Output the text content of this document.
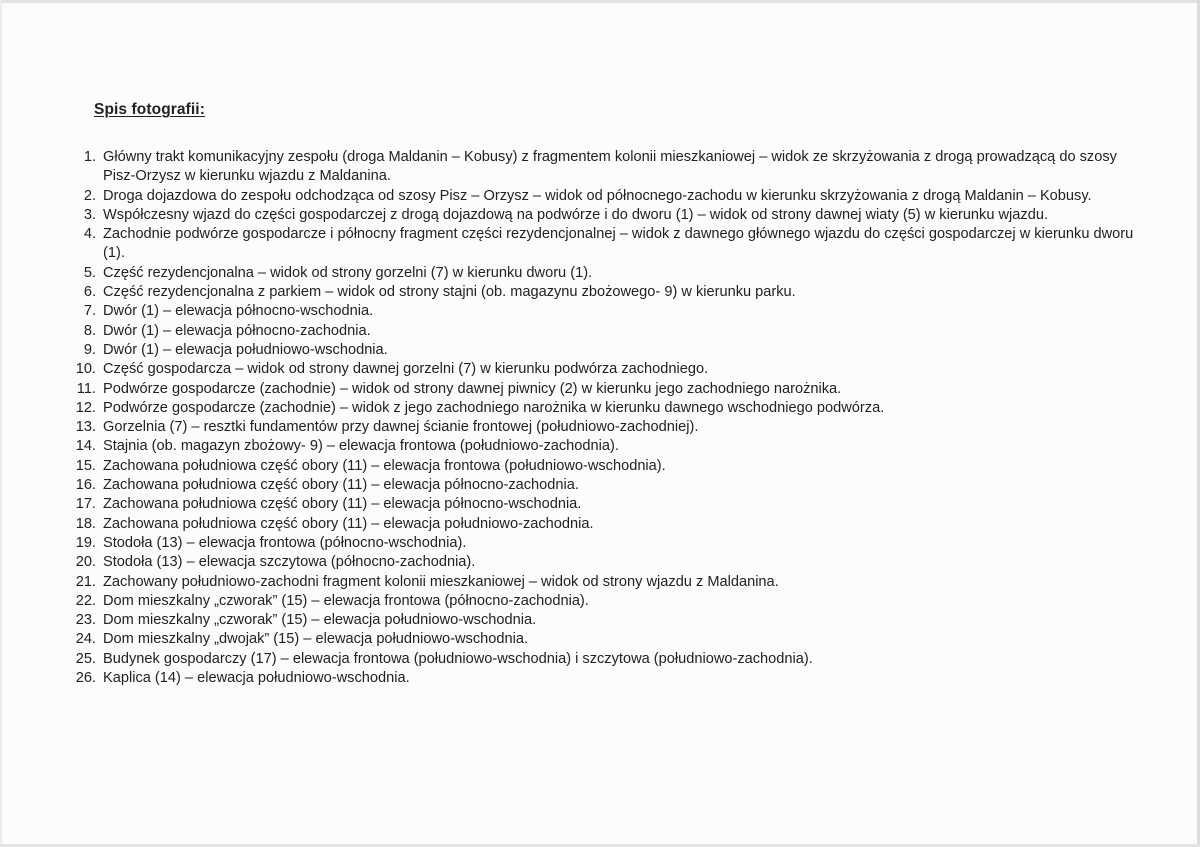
Spis fotografii:
1. Główny trakt komunikacyjny zespołu (droga Maldanin – Kobusy) z fragmentem kolonii mieszkaniowej – widok ze skrzyżowania z drogą prowadzącą do szosy Pisz-Orzysz w kierunku wjazdu z Maldanina.
2. Droga dojazdowa do zespołu odchodząca od szosy Pisz – Orzysz – widok od północnego-zachodu w kierunku skrzyżowania z drogą Maldanin – Kobusy.
3. Współczesny wjazd do części gospodarczej z drogą dojazdową na podwórze i do dworu (1) – widok od strony dawnej wiaty (5) w kierunku wjazdu.
4. Zachodnie podwórze gospodarcze i północny fragment części rezydencjonalnej – widok z dawnego głównego wjazdu do części gospodarczej w kierunku dworu (1).
5. Część rezydencjonalna – widok od strony gorzelni (7) w kierunku dworu (1).
6. Część rezydencjonalna z parkiem – widok od strony stajni (ob. magazynu zbożowego- 9) w kierunku parku.
7. Dwór (1) – elewacja północno-wschodnia.
8. Dwór (1) – elewacja północno-zachodnia.
9. Dwór (1) – elewacja południowo-wschodnia.
10. Część gospodarcza – widok od strony dawnej gorzelni (7) w kierunku podwórza zachodniego.
11. Podwórze gospodarcze (zachodnie) – widok od strony dawnej piwnicy (2) w kierunku jego zachodniego narożnika.
12. Podwórze gospodarcze (zachodnie) – widok z jego zachodniego narożnika w kierunku dawnego wschodniego podwórza.
13. Gorzelnia (7) – resztki fundamentów przy dawnej ścianie frontowej (południowo-zachodniej).
14. Stajnia (ob. magazyn zbożowy- 9) – elewacja frontowa (południowo-zachodnia).
15. Zachowana południowa część obory (11) – elewacja frontowa (południowo-wschodnia).
16. Zachowana południowa część obory (11) – elewacja północno-zachodnia.
17. Zachowana południowa część obory (11) – elewacja północno-wschodnia.
18. Zachowana południowa część obory (11) – elewacja południowo-zachodnia.
19. Stodoła (13) – elewacja frontowa (północno-wschodnia).
20. Stodoła (13) – elewacja szczytowa (północno-zachodnia).
21. Zachowany południowo-zachodni fragment kolonii mieszkaniowej – widok od strony wjazdu z Maldanina.
22. Dom mieszkalny „czworak” (15) – elewacja frontowa (północno-zachodnia).
23. Dom mieszkalny „czworak” (15) – elewacja południowo-wschodnia.
24. Dom mieszkalny „dwojak” (15) – elewacja południowo-wschodnia.
25. Budynek gospodarczy (17) – elewacja frontowa (południowo-wschodnia) i szczytowa (południowo-zachodnia).
26. Kaplica (14) – elewacja południowo-wschodnia.
